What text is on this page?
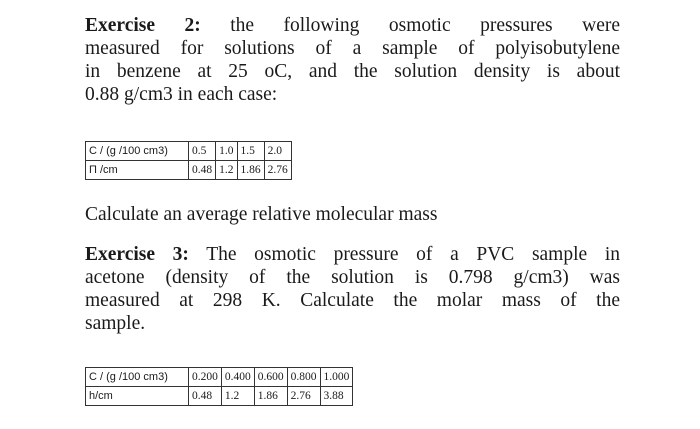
Exercise 2: the following osmotic pressures were
measured for solutions of a sample of polyisobutylene
in benzene at 25 oC, and the solution density is about
0.88 g/cm3 in each case:

C / (g /100 cm3)	0.5	1.0	1.5	2.0
Π /cm	0.48	1.2	1.86	2.76
Calculate an average relative molecular mass

Exercise 3: The osmotic pressure of a PVC sample in
acetone (density of the solution is 0.798 g/cm3) was
measured at 298 K. Calculate the molar mass of the
sample.

C / (g /100 cm3)	0.200	0.400	0.600	0.800	1.000
h/cm	0.48	1.2	1.86	2.76	3.88
